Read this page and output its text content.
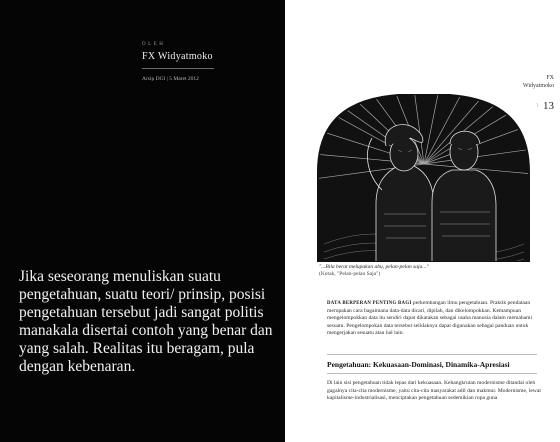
OLEH
FX Widyatmoko
Arsip DGI | 5 Maret 2012

Jika seseorang menuliskan suatu pengetahuan, suatu teori/ prinsip, posisi pengetahuan tersebut jadi sangat politis manakala disertai contoh yang benar dan yang salah. Realitas itu beragam, pula dengan kebenaran.

FX
Widyatmoko
\ 13
"...Bila berat melupakan abu, pelan-pelan saja..."
(Kotak, "Pelan-pelan Saja")

DATA BERPERAN PENTING BAGI perkembangan ilmu pengetahuan. Praktik pendataan merupakan cara bagaimana data-data dicari, dipilah, dan dikelompokkan. Kemampuan mengelompokkan data itu sendiri dapat dikatakan sebagai usaha manusia dalam memahami sesuatu. Pengelompokan data tersebut selidaknya dapat digunakan sebagai panduan untuk mengerjakan sesuatu atau hal lain.

Pengetahuan: Kekuasaan-Dominasi, Dinamika-Apresiasi

Di lain sisi pengetahuan tidak lepas dari kekuasaan. Kehangkrutan modernisme ditandai oleh gagalnya cita-cita modernisme, yaitu cita-cita masyarakat adil dan makmur. Modernisme, lewat kapitalisme-industrialisasi, menciptakan pengetahuan sedemikian rupa guna
